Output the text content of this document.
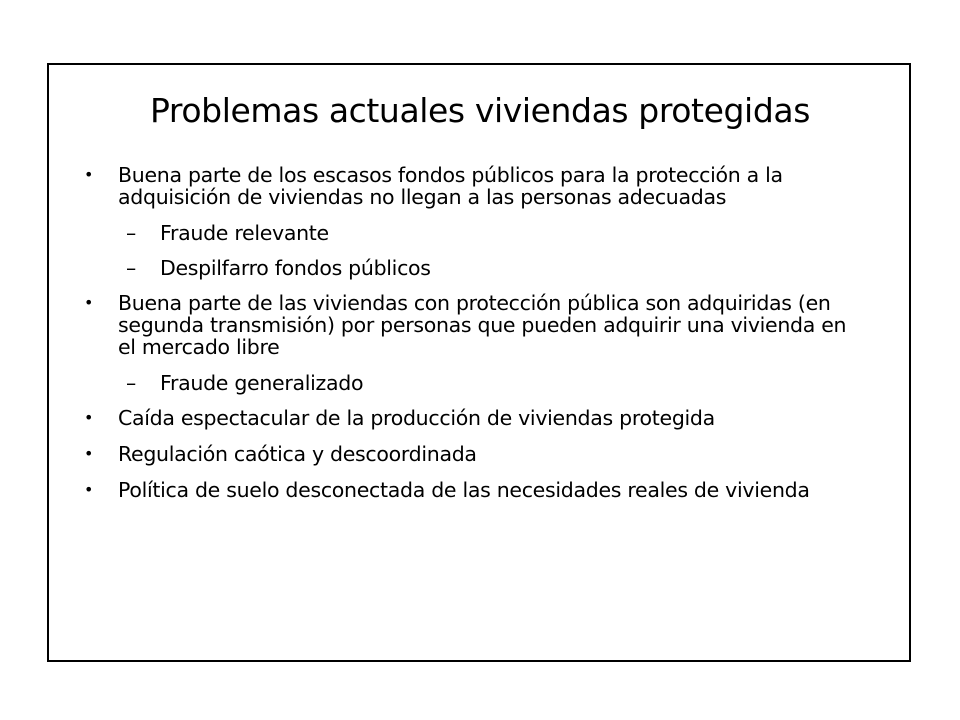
Problemas actuales viviendas protegidas

• Buena parte de los escasos fondos públicos para la protección a la adquisición de viviendas no llegan a las personas adecuadas

– Fraude relevante

– Despilfarro fondos públicos

• Buena parte de las viviendas con protección pública son adquiridas (en segunda transmisión) por personas que pueden adquirir una vivienda en el mercado libre

– Fraude generalizado

• Caída espectacular de la producción de viviendas protegida

• Regulación caótica y descoordinada

• Política de suelo desconectada de las necesidades reales de vivienda
